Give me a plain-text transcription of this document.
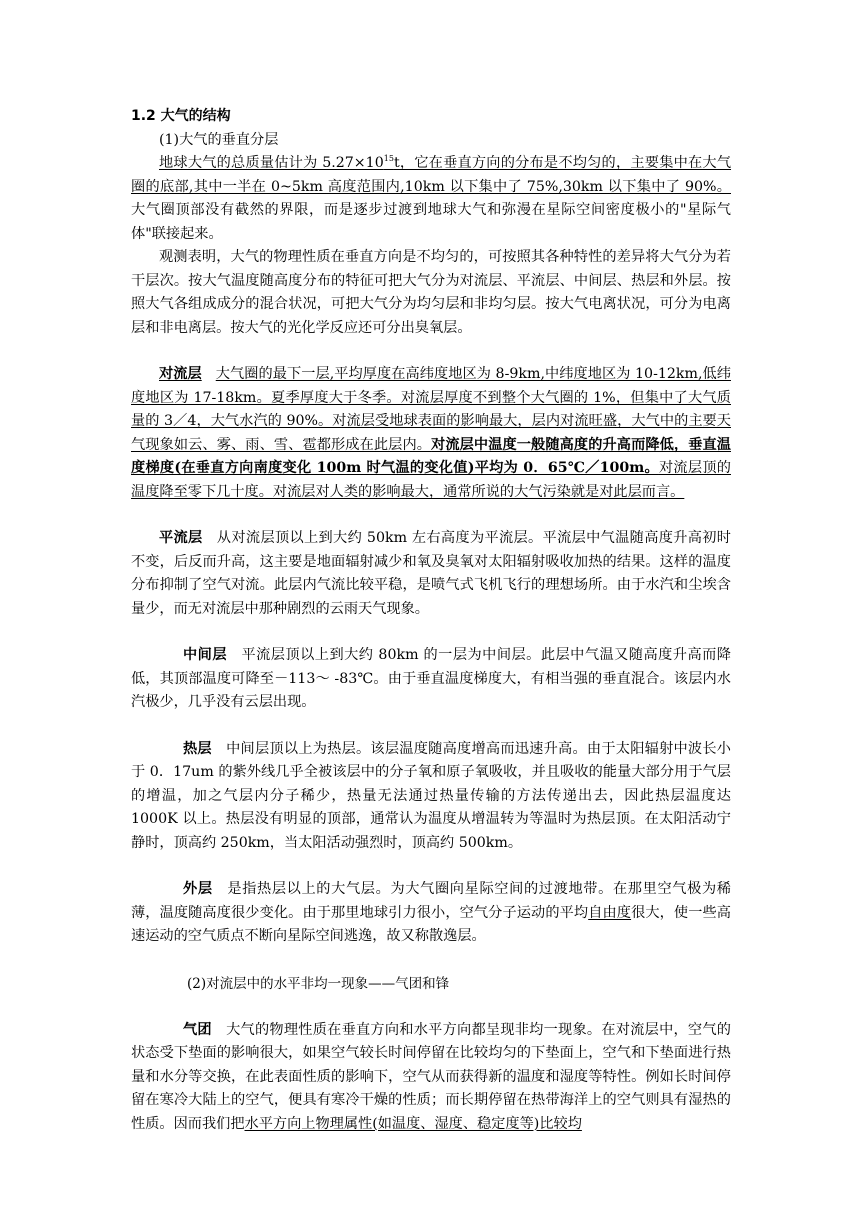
1.2 大气的结构

(1)大气的垂直分层

地球大气的总质量估计为 $5.27\times 10^{15}t$，它在垂直方向的分布是不均匀的，主要集中在大气圈的底部,其中一半在 0~5km 高度范围内,10km 以下集中了 75%,30km 以下集中了 90%。大气圈顶部没有截然的界限，而是逐步过渡到地球大气和弥漫在星际空间密度极小的"星际气体"联接起来。

观测表明，大气的物理性质在垂直方向是不均匀的，可按照其各种特性的差异将大气分为若干层次。按大气温度随高度分布的特征可把大气分为对流层、平流层、中间层、热层和外层。按照大气各组成成分的混合状况，可把大气分为均匀层和非均匀层。按大气电离状况，可分为电离层和非电离层。按大气的光化学反应还可分出臭氧层。

对流层 大气圈的最下一层,平均厚度在高纬度地区为 8-9km,中纬度地区为 10-12km,低纬度地区为 17-18km。夏季厚度大于冬季。对流层厚度不到整个大气圈的 1%，但集中了大气质量的 3／4，大气水汽的 90%。对流层受地球表面的影响最大，层内对流旺盛，大气中的主要天气现象如云、雾、雨、雪、雹都形成在此层内。对流层中温度一般随高度的升高而降低，垂直温度梯度(在垂直方向南度变化 100m 时气温的变化值)平均为 0．65℃／100m。对流层顶的温度降至零下几十度。对流层对人类的影响最大，通常所说的大气污染就是对此层而言。

平流层 从对流层顶以上到大约 50km 左右高度为平流层。平流层中气温随高度升高初时不变，后反而升高，这主要是地面辐射减少和氧及臭氧对太阳辐射吸收加热的结果。这样的温度分布抑制了空气对流。此层内气流比较平稳，是喷气式飞机飞行的理想场所。由于水汽和尘埃含量少，而无对流层中那种剧烈的云雨天气现象。

中间层 平流层顶以上到大约 80km 的一层为中间层。此层中气温又随高度升高而降低，其顶部温度可降至－113～ -83℃。由于垂直温度梯度大，有相当强的垂直混合。该层内水汽极少，几乎没有云层出现。

热层 中间层顶以上为热层。该层温度随高度增高而迅速升高。由于太阳辐射中波长小于 0．17um 的紫外线几乎全被该层中的分子氧和原子氧吸收，并且吸收的能量大部分用于气层的增温，加之气层内分子稀少，热量无法通过热量传输的方法传递出去，因此热层温度达 1000K 以上。热层没有明显的顶部，通常认为温度从增温转为等温时为热层顶。在太阳活动宁静时，顶高约 250km，当太阳活动强烈时，顶高约 500km。

外层 是指热层以上的大气层。为大气圈向星际空间的过渡地带。在那里空气极为稀薄，温度随高度很少变化。由于那里地球引力很小，空气分子运动的平均自由度很大，使一些高速运动的空气质点不断向星际空间逃逸，故又称散逸层。

(2)对流层中的水平非均一现象——气团和锋

气团 大气的物理性质在垂直方向和水平方向都呈现非均一现象。在对流层中，空气的状态受下垫面的影响很大，如果空气较长时间停留在比较均匀的下垫面上，空气和下垫面进行热量和水分等交换，在此表面性质的影响下，空气从而获得新的温度和湿度等特性。例如长时间停留在寒冷大陆上的空气，便具有寒冷干燥的性质；而长期停留在热带海洋上的空气则具有湿热的性质。因而我们把水平方向上物理属性(如温度、湿度、稳定度等)比较均
